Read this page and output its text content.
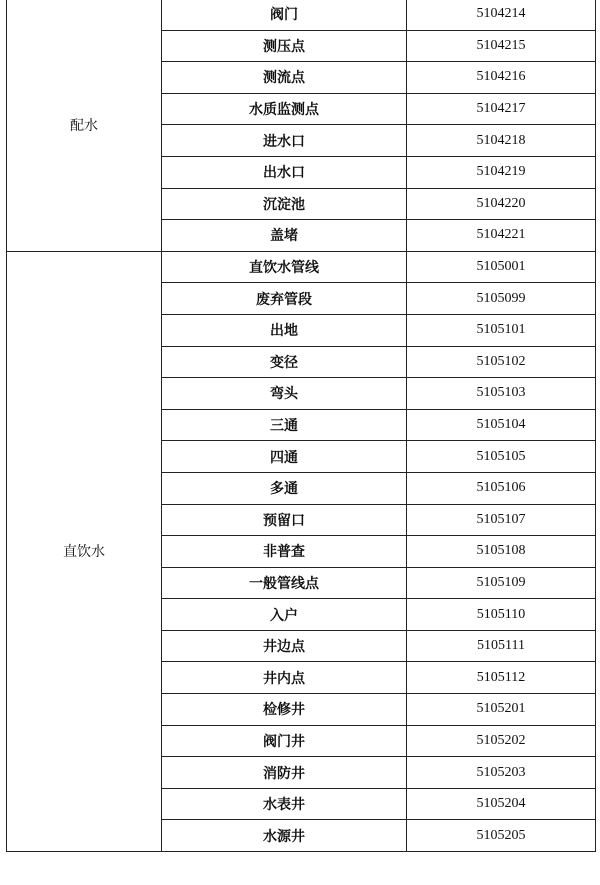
配水	阀门	5104214
	测压点	5104215
	测流点	5104216
	水质监测点	5104217
	进水口	5104218
	出水口	5104219
	沉淀池	5104220
	盖堵	5104221
直饮水	直饮水管线	5105001
	废弃管段	5105099
	出地	5105101
	变径	5105102
	弯头	5105103
	三通	5105104
	四通	5105105
	多通	5105106
	预留口	5105107
	非普查	5105108
	一般管线点	5105109
	入户	5105110
	井边点	5105111
	井内点	5105112
	检修井	5105201
	阀门井	5105202
	消防井	5105203
	水表井	5105204
	水源井	5105205
